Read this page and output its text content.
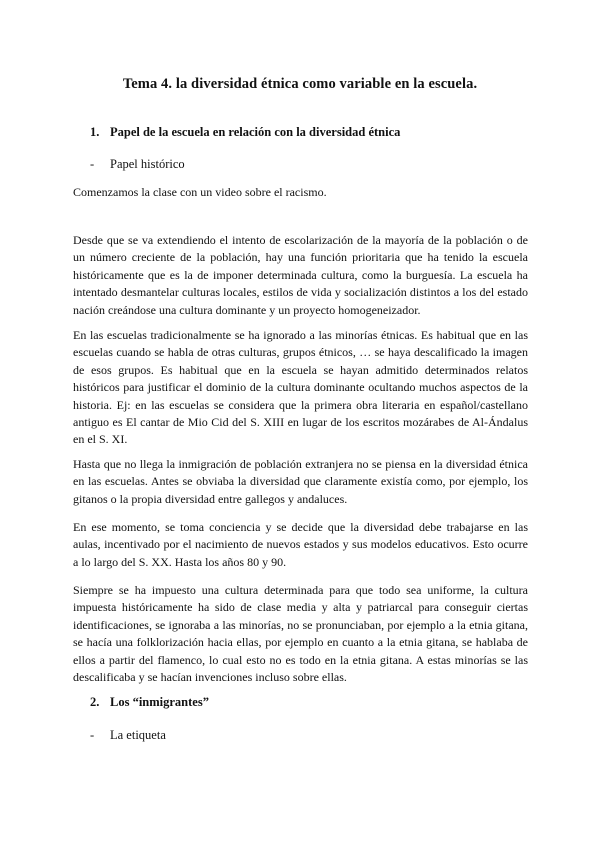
Tema 4. la diversidad étnica como variable en la escuela.
1. Papel de la escuela en relación con la diversidad étnica
- Papel histórico

Comenzamos la clase con un video sobre el racismo.

Desde que se va extendiendo el intento de escolarización de la mayoría de la población o de un número creciente de la población, hay una función prioritaria que ha tenido la escuela históricamente que es la de imponer determinada cultura, como la burguesía. La escuela ha intentado desmantelar culturas locales, estilos de vida y socialización distintos a los del estado nación creándose una cultura dominante y un proyecto homogeneizador.

En las escuelas tradicionalmente se ha ignorado a las minorías étnicas. Es habitual que en las escuelas cuando se habla de otras culturas, grupos étnicos, … se haya descalificado la imagen de esos grupos. Es habitual que en la escuela se hayan admitido determinados relatos históricos para justificar el dominio de la cultura dominante ocultando muchos aspectos de la historia. Ej: en las escuelas se considera que la primera obra literaria en español/castellano antiguo es El cantar de Mio Cid del S. XIII en lugar de los escritos mozárabes de Al-Ándalus en el S. XI.

Hasta que no llega la inmigración de población extranjera no se piensa en la diversidad étnica en las escuelas. Antes se obviaba la diversidad que claramente existía como, por ejemplo, los gitanos o la propia diversidad entre gallegos y andaluces.

En ese momento, se toma conciencia y se decide que la diversidad debe trabajarse en las aulas, incentivado por el nacimiento de nuevos estados y sus modelos educativos. Esto ocurre a lo largo del S. XX. Hasta los años 80 y 90.

Siempre se ha impuesto una cultura determinada para que todo sea uniforme, la cultura impuesta históricamente ha sido de clase media y alta y patriarcal para conseguir ciertas identificaciones, se ignoraba a las minorías, no se pronunciaban, por ejemplo a la etnia gitana, se hacía una folklorización hacia ellas, por ejemplo en cuanto a la etnia gitana, se hablaba de ellos a partir del flamenco, lo cual esto no es todo en la etnia gitana. A estas minorías se las descalificaba y se hacían invenciones incluso sobre ellas.

2. Los “inmigrantes”
- La etiqueta
